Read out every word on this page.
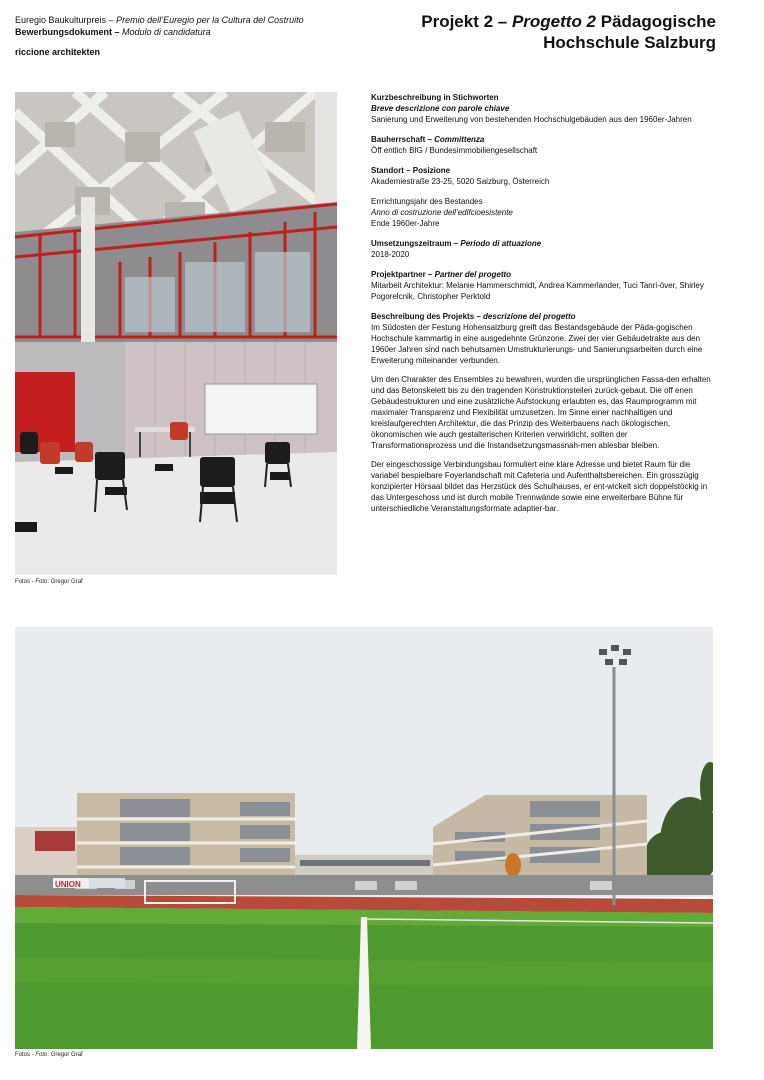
Euregio Baukulturpreis – Premio dell’Euregio per la Cultura del Costruito
Bewerbungsdokument – Modulo di candidatura
riccione architekten
Projekt 2 – Progetto 2 Pädagogische
Hochschule Salzburg
Fotos - Foto: Gregor Graf
Kurzbeschreibung in Stichworten
Breve descrizione con parole chiave
Sanierung und Erweiterung von bestehenden Hochschulgebäuden aus den 1960er-Jahren
Bauherrschaft – Committenza
Öff entlich BIG / Bundesimmobiliengesellschaft
Standort – Posizione
Akademiestraße 23-25, 5020 Salzburg, Österreich
Errrichtungsjahr des Bestandes
Anno di costruzione dell’edifcioesistente
Ende 1960er-Jahre
Umsetzungszeitraum – Periodo di attuazione
2018-2020
Projektpartner – Partner del progetto
Mitarbeit Architektur: Melanie Hammerschmidt, Andrea Kammerlander, Tuci Tanri-över, Shirley Pogorelcnik, Christopher Perktold
Beschreibung des Projekts – descrizione del progetto
Im Südosten der Festung Hohensalzburg greift das Bestandsgebäude der Päda-gogischen Hochschule kammartig in eine ausgedehnte Grünzone. Zwei der vier Gebäudetrakte aus den 1960er Jahren sind nach behutsamen Umstrukturierungs- und Sanierungsarbeiten durch eine Erweiterung miteinander verbunden.

Um den Charakter des Ensembles zu bewahren, wurden die ursprünglichen Fassa-den erhalten und das Betonskelett bis zu den tragenden Konstruktionsteilen zurück-gebaut. Die off enen Gebäudestrukturen und eine zusätzliche Aufstockung erlaubten es, das Raumprogramm mit maximaler Transparenz und Flexibilität umzusetzen. Im Sinne einer nachhaltigen und kreislaufgerechten Architektur, die das Prinzip des Weiterbauens nach ökologischen, ökonomischen wie auch gestalterischen Kriterien verwirklicht, sollten der Transformationsprozess und die Instandsetzungsmassnah-men ablesbar bleiben.

Der eingeschossige Verbindungsbau formuliert eine klare Adresse und bietet Raum für die variabel bespielbare Foyerlandschaft mit Cafeteria und Aufenthaltsbereichen. Ein grosszügig konzipierter Hörsaal bildet das Herzstück des Schulhauses, er ent-wickelt sich doppelstöckig in das Untergeschoss und ist durch mobile Trennwände sowie eine erweiterbare Bühne für unterschiedliche Veranstaltungsformate adaptier-bar.

UNION
Fotos - Foto: Gregor Graf
